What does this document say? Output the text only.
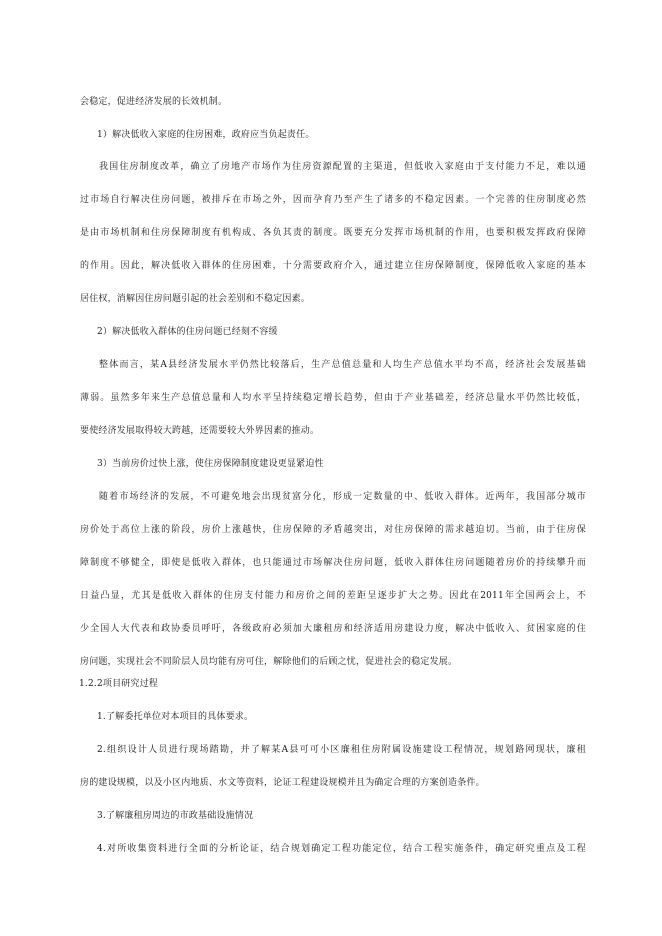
会稳定，促进经济发展的长效机制。
1）解决低收入家庭的住房困难，政府应当负起责任。
我国住房制度改革，确立了房地产市场作为住房资源配置的主渠道，但低收入家庭由于支付能力不足，难以通
过市场自行解决住房问题，被排斥在市场之外，因而孕育乃至产生了诸多的不稳定因素。一个完善的住房制度必然
是由市场机制和住房保障制度有机构成、各负其责的制度。既要充分发挥市场机制的作用，也要积极发挥政府保障
的作用。因此，解决低收入群体的住房困难，十分需要政府介入，通过建立住房保障制度，保障低收入家庭的基本
居住权，消解因住房问题引起的社会差别和不稳定因素。
2）解决低收入群体的住房问题已经刻不容缓
整体而言，某A县经济发展水平仍然比较落后，生产总值总量和人均生产总值水平均不高，经济社会发展基础
薄弱。虽然多年来生产总值总量和人均水平呈持续稳定增长趋势，但由于产业基础差，经济总量水平仍然比较低，
要使经济发展取得较大跨越，还需要较大外界因素的推动。
3）当前房价过快上涨，使住房保障制度建设更显紧迫性
随着市场经济的发展，不可避免地会出现贫富分化，形成一定数量的中、低收入群体。近两年，我国部分城市
房价处于高位上涨的阶段，房价上涨越快，住房保障的矛盾越突出，对住房保障的需求越迫切。当前，由于住房保
障制度不够健全，即使是低收入群体，也只能通过市场解决住房问题，低收入群体住房问题随着房价的持续攀升而
日益凸显，尤其是低收入群体的住房支付能力和房价之间的差距呈逐步扩大之势。因此在2011年全国两会上，不
少全国人大代表和政协委员呼吁，各级政府必须加大廉租房和经济适用房建设力度，解决中低收入、贫困家庭的住
房问题，实现社会不同阶层人员均能有房可住，解除他们的后顾之忧，促进社会的稳定发展。
1.2.2项目研究过程
1.了解委托单位对本项目的具体要求。
2.组织设计人员进行现场踏勘，并了解某A县可可小区廉租住房附属设施建设工程情况，规划路网现状，廉租
房的建设规模，以及小区内地质、水文等资料，论证工程建设规模并且为确定合理的方案创造条件。
3.了解廉租房周边的市政基础设施情况
4.对所收集资料进行全面的分析论证，结合规划确定工程功能定位，结合工程实施条件，确定研究重点及工程
